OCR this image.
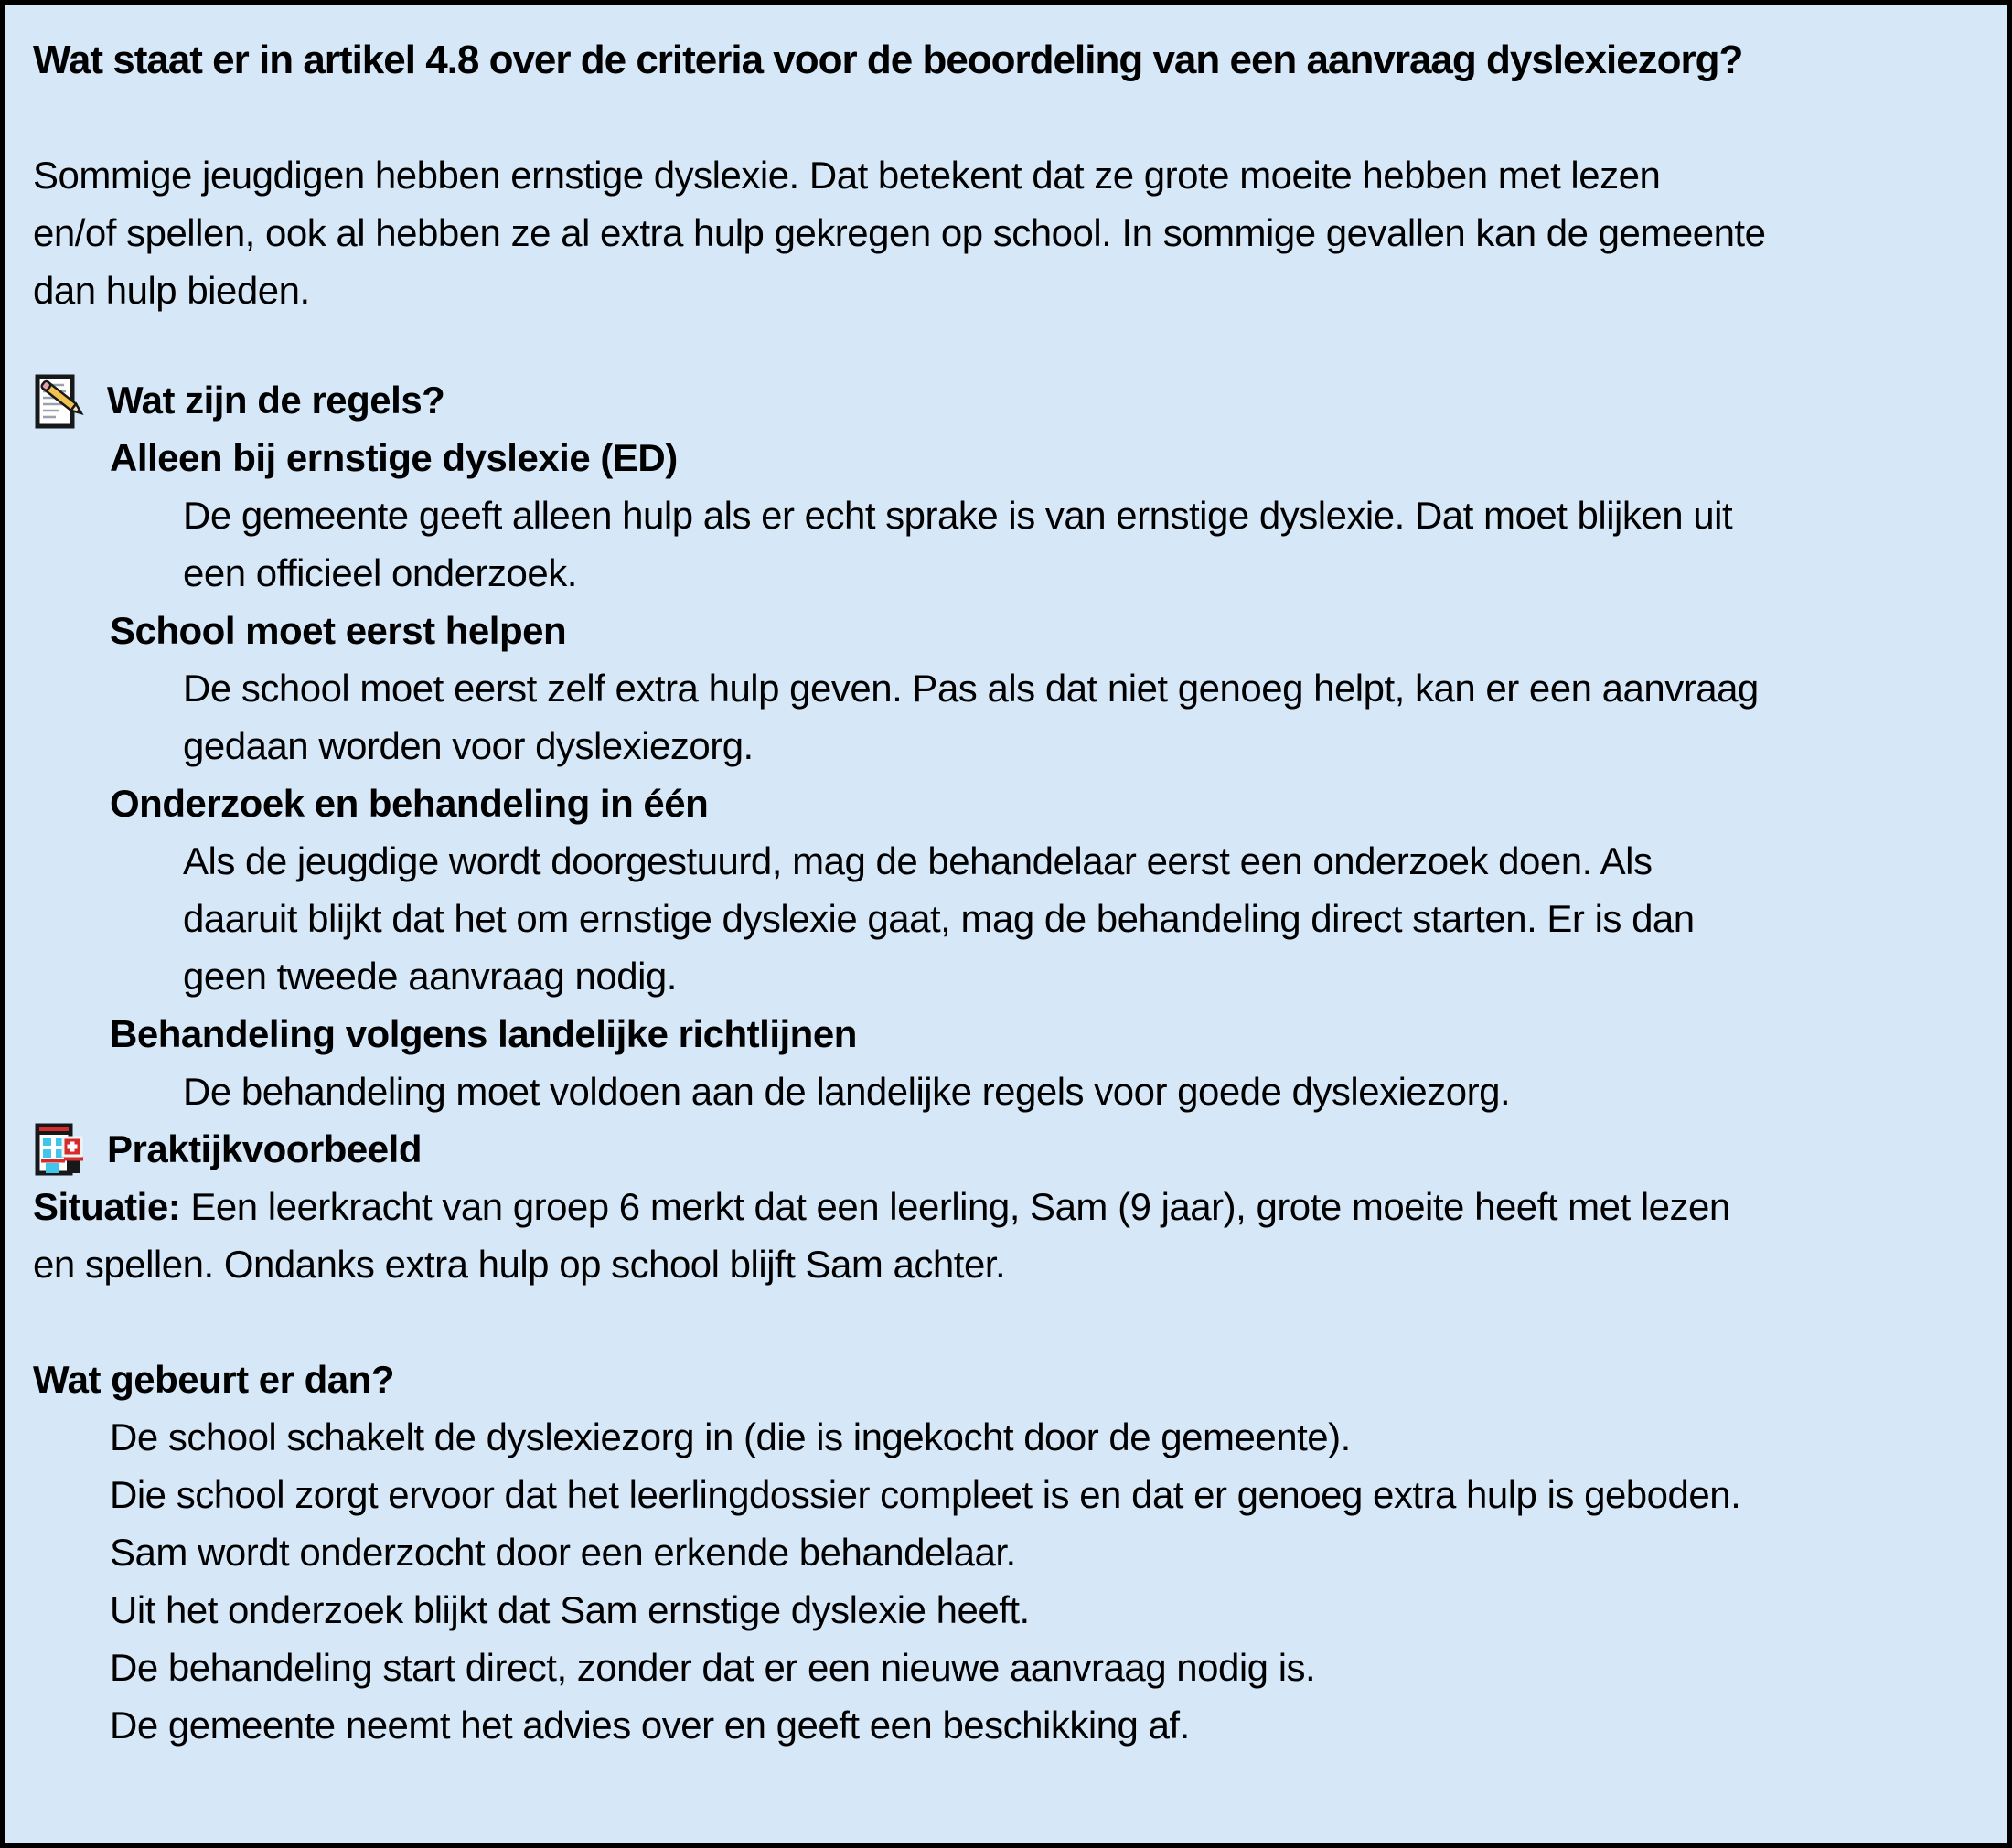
Wat staat er in artikel 4.8 over de criteria voor de beoordeling van een aanvraag dyslexiezorg?
Sommige jeugdigen hebben ernstige dyslexie. Dat betekent dat ze grote moeite hebben met lezen
en/of spellen, ook al hebben ze al extra hulp gekregen op school. In sommige gevallen kan de gemeente
dan hulp bieden.
Wat zijn de regels?
Alleen bij ernstige dyslexie (ED)
De gemeente geeft alleen hulp als er echt sprake is van ernstige dyslexie. Dat moet blijken uit
een officieel onderzoek.
School moet eerst helpen
De school moet eerst zelf extra hulp geven. Pas als dat niet genoeg helpt, kan er een aanvraag
gedaan worden voor dyslexiezorg.
Onderzoek en behandeling in één
Als de jeugdige wordt doorgestuurd, mag de behandelaar eerst een onderzoek doen. Als
daaruit blijkt dat het om ernstige dyslexie gaat, mag de behandeling direct starten. Er is dan
geen tweede aanvraag nodig.
Behandeling volgens landelijke richtlijnen
De behandeling moet voldoen aan de landelijke regels voor goede dyslexiezorg.
Praktijkvoorbeeld
Situatie: Een leerkracht van groep 6 merkt dat een leerling, Sam (9 jaar), grote moeite heeft met lezen
en spellen. Ondanks extra hulp op school blijft Sam achter.
Wat gebeurt er dan?
De school schakelt de dyslexiezorg in (die is ingekocht door de gemeente).
Die school zorgt ervoor dat het leerlingdossier compleet is en dat er genoeg extra hulp is geboden.
Sam wordt onderzocht door een erkende behandelaar.
Uit het onderzoek blijkt dat Sam ernstige dyslexie heeft.
De behandeling start direct, zonder dat er een nieuwe aanvraag nodig is.
De gemeente neemt het advies over en geeft een beschikking af.
